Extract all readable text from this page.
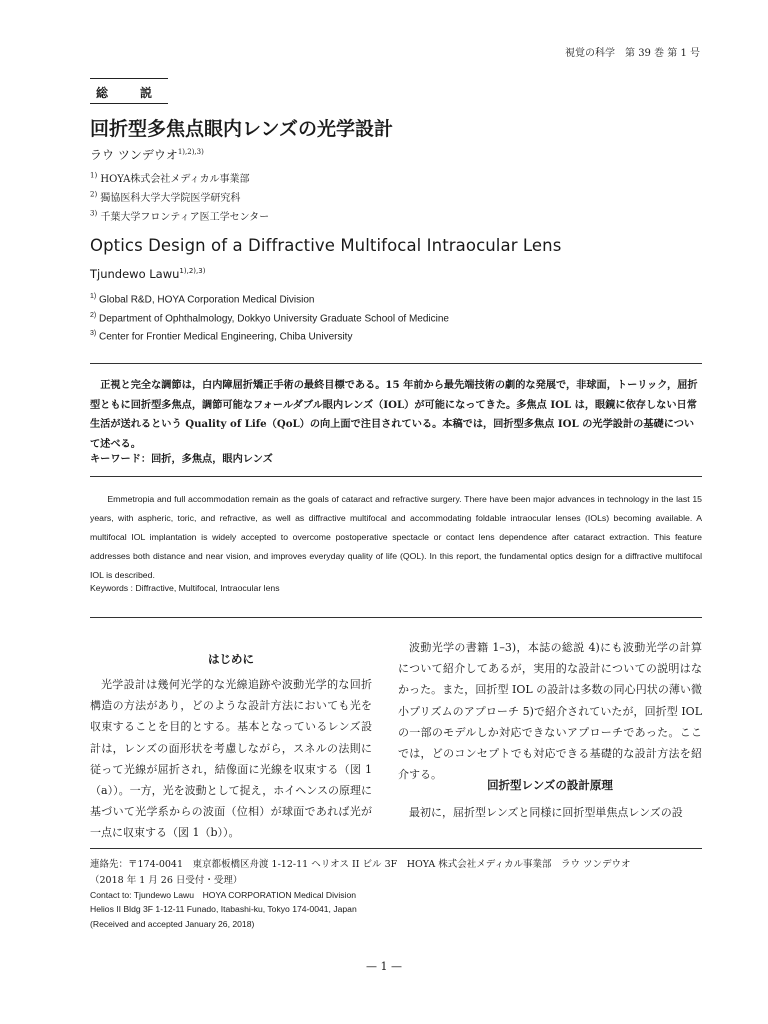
視覚の科学　第 39 巻 第 1 号
総　説
回折型多焦点眼内レンズの光学設計
ラウ ツンデウオ$^{1),2),3)}$
$^{1)}$ HOYA株式会社メディカル事業部
$^{2)}$ 獨協医科大学大学院医学研究科
$^{3)}$ 千葉大学フロンティア医工学センター
Optics Design of a Diffractive Multifocal Intraocular Lens
Tjundewo Lawu$^{1),2),3)}$
$^{1)}$ Global R&D, HOYA Corporation Medical Division
$^{2)}$ Department of Ophthalmology, Dokkyo University Graduate School of Medicine
$^{3)}$ Center for Frontier Medical Engineering, Chiba University
正視と完全な調節は，白内障屈折矯正手術の最終目標である。15 年前から最先端技術の劇的な発展で，非球面，トーリック，屈折型ともに回折型多焦点，調節可能なフォールダブル眼内レンズ（IOL）が可能になってきた。多焦点 IOL は，眼鏡に依存しない日常生活が送れるという Quality of Life（QoL）の向上面で注目されている。本稿では，回折型多焦点 IOL の光学設計の基礎について述べる。
キーワード：回折，多焦点，眼内レンズ
Emmetropia and full accommodation remain as the goals of cataract and refractive surgery. There have been major advances in technology in the last 15 years, with aspheric, toric, and refractive, as well as diffractive multifocal and accommodating foldable intraocular lenses (IOLs) becoming available. A multifocal IOL implantation is widely accepted to overcome postoperative spectacle or contact lens dependence after cataract extraction. This feature addresses both distance and near vision, and improves everyday quality of life (QOL). In this report, the fundamental optics design for a diffractive multifocal IOL is described.
Keywords : Diffractive, Multifocal, Intraocular lens
はじめに
光学設計は幾何光学的な光線追跡や波動光学的な回折構造の方法があり，どのような設計方法においても光を収束することを目的とする。基本となっているレンズ設計は，レンズの面形状を考慮しながら，スネルの法則に従って光線が屈折され，結像面に光線を収束する（図 1（a））。一方，光を波動として捉え，ホイヘンスの原理に基づいて光学系からの波面（位相）が球面であれば光が一点に収束する（図 1（b））。
波動光学の書籍 1–3)，本誌の総説 4)にも波動光学の計算について紹介してあるが，実用的な設計についての説明はなかった。また，回折型 IOL の設計は多数の同心円状の薄い微小プリズムのアプローチ 5)で紹介されていたが，回折型 IOL の一部のモデルしか対応できないアプローチであった。ここでは，どのコンセプトでも対応できる基礎的な設計方法を紹介する。
回折型レンズの設計原理
最初に，屈折型レンズと同様に回折型単焦点レンズの設
連絡先：〒174-0041　東京都板橋区舟渡 1-12-11 ヘリオス II ビル 3F　HOYA 株式会社メディカル事業部　ラウ ツンデウオ
（2018 年 1 月 26 日受付・受理）
Contact to: Tjundewo Lawu　HOYA CORPORATION Medical Division
Helios II Bldg 3F 1-12-11 Funado, Itabashi-ku, Tokyo 174-0041, Japan
(Received and accepted January 26, 2018)
— 1 —
